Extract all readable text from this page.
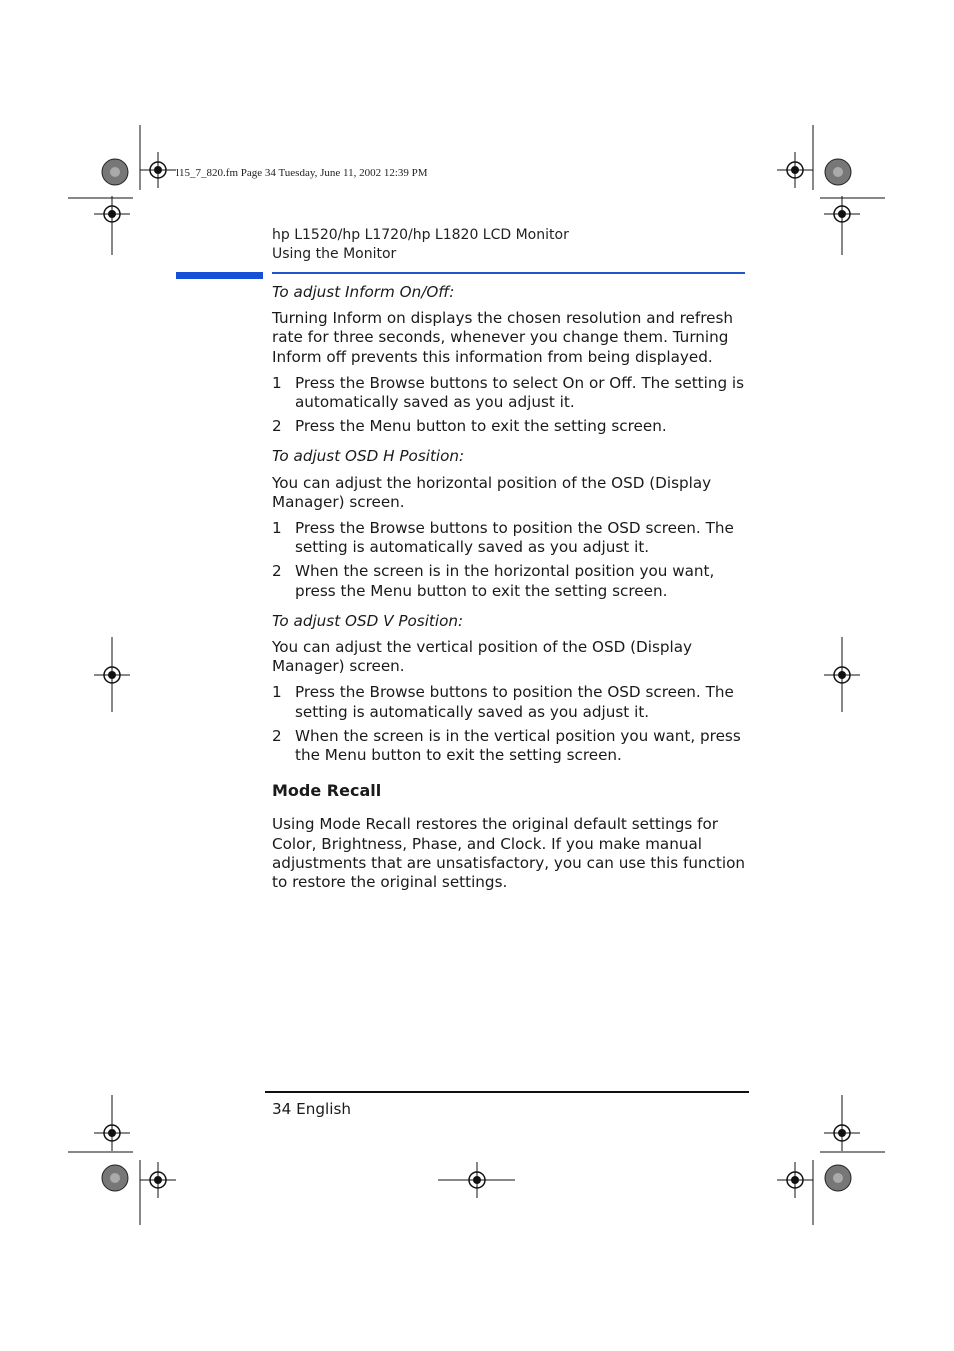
l15_7_820.fm Page 34 Tuesday, June 11, 2002 12:39 PM
hp L1520/hp L1720/hp L1820 LCD Monitor
Using the Monitor

To adjust Inform On/Off:

Turning Inform on displays the chosen resolution and refresh rate for three seconds, whenever you change them. Turning Inform off prevents this information from being displayed.

1 Press the Browse buttons to select On or Off. The setting is automatically saved as you adjust it.

2 Press the Menu button to exit the setting screen.

To adjust OSD H Position:

You can adjust the horizontal position of the OSD (Display Manager) screen.

1 Press the Browse buttons to position the OSD screen. The setting is automatically saved as you adjust it.

2 When the screen is in the horizontal position you want, press the Menu button to exit the setting screen.

To adjust OSD V Position:

You can adjust the vertical position of the OSD (Display Manager) screen.

1 Press the Browse buttons to position the OSD screen. The setting is automatically saved as you adjust it.

2 When the screen is in the vertical position you want, press the Menu button to exit the setting screen.

Mode Recall

Using Mode Recall restores the original default settings for Color, Brightness, Phase, and Clock. If you make manual adjustments that are unsatisfactory, you can use this function to restore the original settings.

34 English
